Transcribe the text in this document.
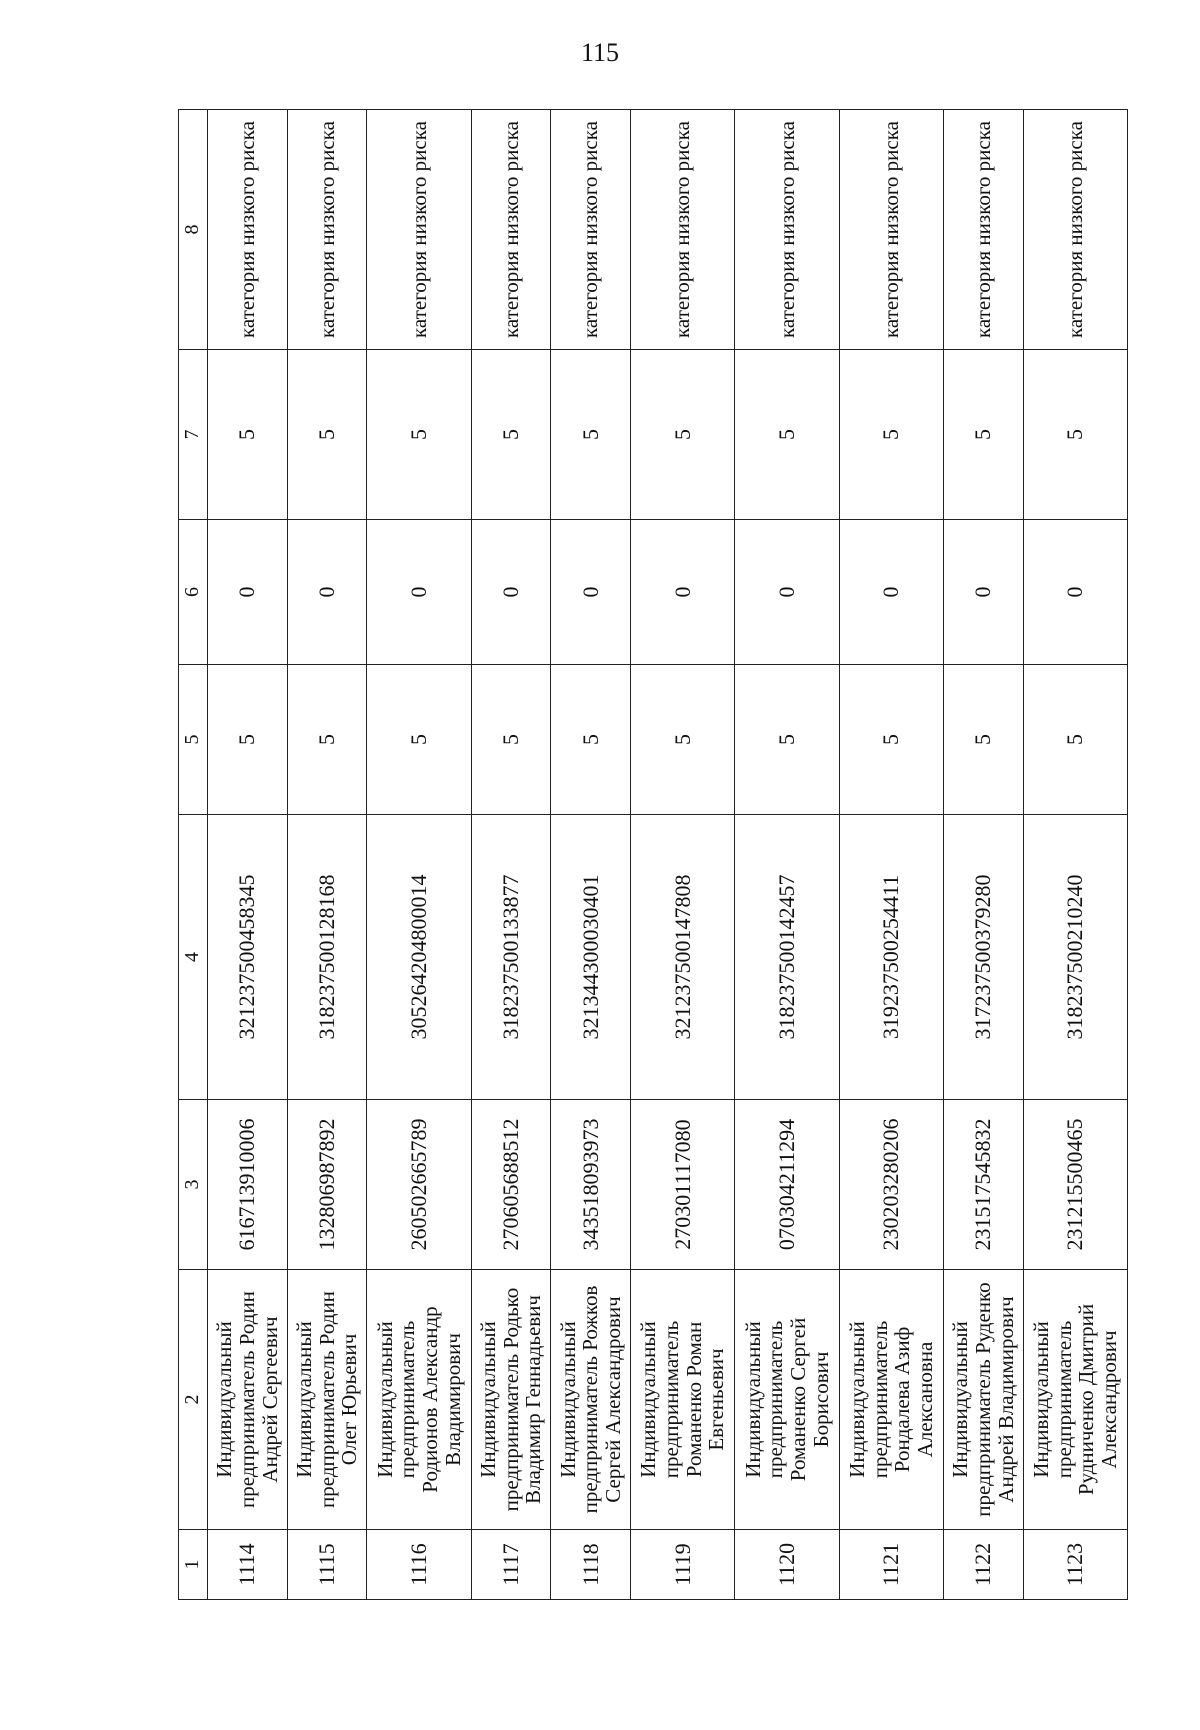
115
1	2	3	4	5	6	7	8
1114	Индивидуальный предприниматель Родин Андрей Сергеевич	616713910006	321237500458345	5	0	5	категория низкого риска
1115	Индивидуальный предприниматель Родин Олег Юрьевич	132806987892	318237500128168	5	0	5	категория низкого риска
1116	Индивидуальный предприниматель Родионов Александр Владимирович	260502665789	305264204800014	5	0	5	категория низкого риска
1117	Индивидуальный предприниматель Родько Владимир Геннадьевич	270605688512	318237500133877	5	0	5	категория низкого риска
1118	Индивидуальный предприниматель Рожков Сергей Александрович	343518093973	321344300030401	5	0	5	категория низкого риска
1119	Индивидуальный предприниматель Романенко Роман Евгеньевич	270301117080	321237500147808	5	0	5	категория низкого риска
1120	Индивидуальный предприниматель Романенко Сергей Борисович	070304211294	318237500142457	5	0	5	категория низкого риска
1121	Индивидуальный предприниматель Рондалева Азиф Алексановна	230203280206	319237500254411	5	0	5	категория низкого риска
1122	Индивидуальный предприниматель Руденко Андрей Владимирович	231517545832	317237500379280	5	0	5	категория низкого риска
1123	Индивидуальный предприниматель Рудниченко Дмитрий Александрович	231215500465	318237500210240	5	0	5	категория низкого риска
